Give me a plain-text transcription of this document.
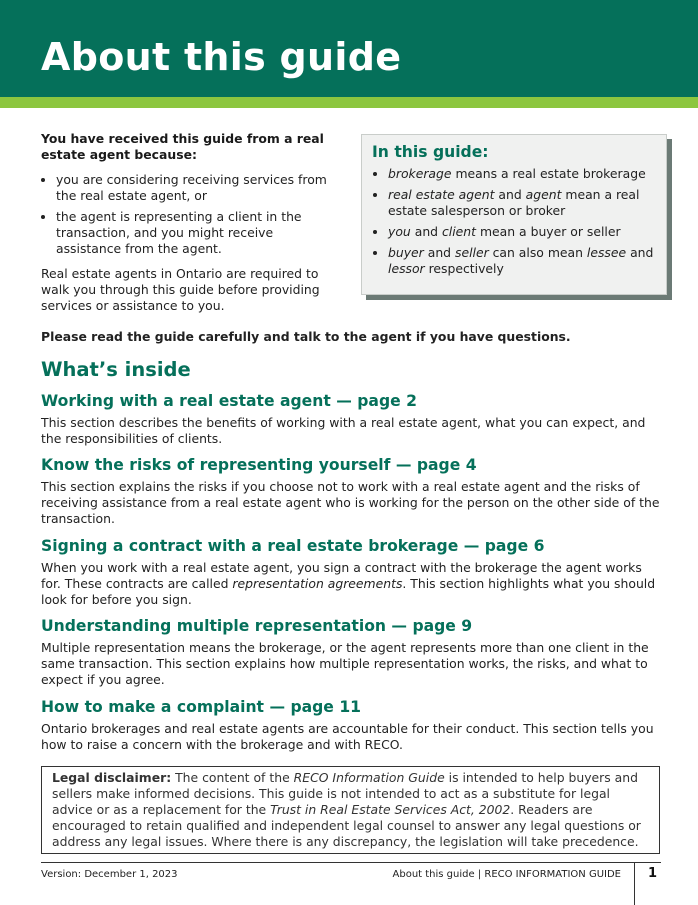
About this guide

You have received this guide from a real estate agent because:

• you are considering receiving services from the real estate agent, or
• the agent is representing a client in the transaction, and you might receive assistance from the agent.

Real estate agents in Ontario are required to walk you through this guide before providing services or assistance to you.

In this guide:
• brokerage means a real estate brokerage
• real estate agent and agent mean a real estate salesperson or broker
• you and client mean a buyer or seller
• buyer and seller can also mean lessee and lessor respectively

Please read the guide carefully and talk to the agent if you have questions.

What’s inside
Working with a real estate agent — page 2

This section describes the benefits of working with a real estate agent, what you can expect, and the responsibilities of clients.

Know the risks of representing yourself — page 4

This section explains the risks if you choose not to work with a real estate agent and the risks of receiving assistance from a real estate agent who is working for the person on the other side of the transaction.

Signing a contract with a real estate brokerage — page 6

When you work with a real estate agent, you sign a contract with the brokerage the agent works for. These contracts are called representation agreements. This section highlights what you should look for before you sign.

Understanding multiple representation — page 9

Multiple representation means the brokerage, or the agent represents more than one client in the same transaction. This section explains how multiple representation works, the risks, and what to expect if you agree.

How to make a complaint — page 11

Ontario brokerages and real estate agents are accountable for their conduct. This section tells you how to raise a concern with the brokerage and with RECO.

Legal disclaimer: The content of the RECO Information Guide is intended to help buyers and sellers make informed decisions. This guide is not intended to act as a substitute for legal advice or as a replacement for the Trust in Real Estate Services Act, 2002. Readers are encouraged to retain qualified and independent legal counsel to answer any legal questions or address any legal issues. Where there is any discrepancy, the legislation will take precedence.
Version: December 1, 2023	About this guide | RECO INFORMATION GUIDE 1
